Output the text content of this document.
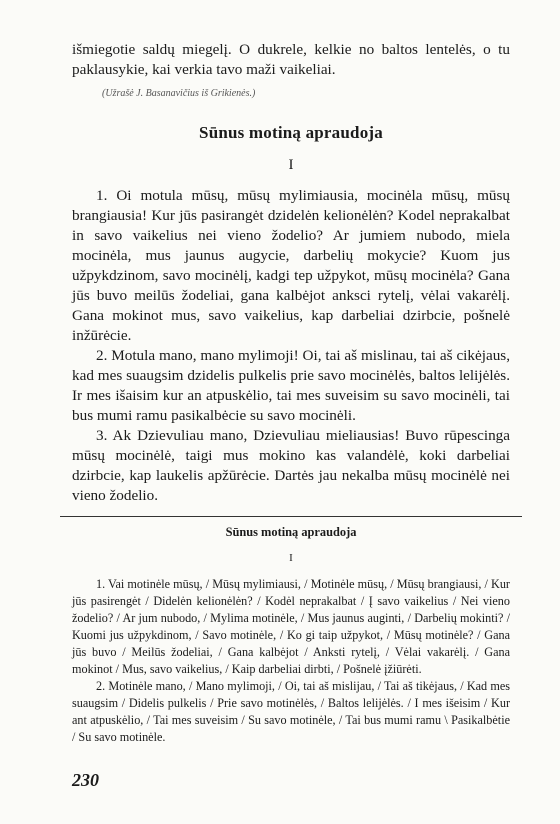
išmiegotie saldų miegelį. O dukrele, kelkie no baltos lentelės, o tu paklausykie, kai verkia tavo maži vaikeliai.

(Užrašė J. Basanavičius iš Grikienės.)

Sūnus motiną apraudoja
I

1. Oi motula mūsų, mūsų mylimiausia, mocinėla mūsų, mūsų brangiausia! Kur jūs pasirangėt dzidelėn kelionėlėn? Kodel neprakalbat in savo vaikelius nei vieno žodelio? Ar jumiem nubodo, miela mocinėla, mus jaunus augycie, darbelių mokycie? Kuom jus užpykdzinom, savo mocinėlį, kadgi tep užpykot, mūsų mocinėla? Gana jūs buvo meilūs žodeliai, gana kalbėjot anksci rytelį, vėlai vakarėlį. Gana mokinot mus, savo vaikelius, kap darbeliai dzirbcie, pošnelė inžūrėcie.

2. Motula mano, mano mylimoji! Oi, tai aš mislinau, tai aš cikėjaus, kad mes suaugsim dzidelis pulkelis prie savo mocinėlės, baltos lelijėlės. Ir mes išaisim kur an atpuskėlio, tai mes suveisim su savo mocinėli, tai bus mumi ramu pasikalbėcie su savo mocinėli.

3. Ak Dzievuliau mano, Dzievuliau mieliausias! Buvo rūpescinga mūsų mocinėlė, taigi mus mokino kas valandėlė, koki darbeliai dzirbcie, kap laukelis apžūrėcie. Dartės jau nekalba mūsų mocinėlė nei vieno žodelio.

Sūnus motiną apraudoja
I

1. Vai motinėle mūsų, / Mūsų mylimiausi, / Motinėle mūsų, / Mūsų brangiausi, / Kur jūs pasirengėt / Didelėn kelionėlėn? / Kodėl neprakalbat / Į savo vaikelius / Nei vieno žodelio? / Ar jum nubodo, / Mylima motinėle, / Mus jaunus auginti, / Darbelių mokinti? / Kuomi jus užpykdinom, / Savo motinėle, / Ko gi taip užpykot, / Mūsų motinėle? / Gana jūs buvo / Meilūs žodeliai, / Gana kalbėjot / Anksti rytelį, / Vėlai vakarėlį. / Gana mokinot / Mus, savo vaikelius, / Kaip darbeliai dirbti, / Pošnelė įžiūrėti.

2. Motinėle mano, / Mano mylimoji, / Oi, tai aš mislijau, / Tai aš tikėjaus, / Kad mes suaugsim / Didelis pulkelis / Prie savo motinėlės, / Baltos lelijėlės. / I mes išeisim / Kur ant atpuskėlio, / Tai mes suveisim / Su savo motinėle, / Tai bus mumi ramu \ Pasikalbėtie / Su savo motinėle.

230
